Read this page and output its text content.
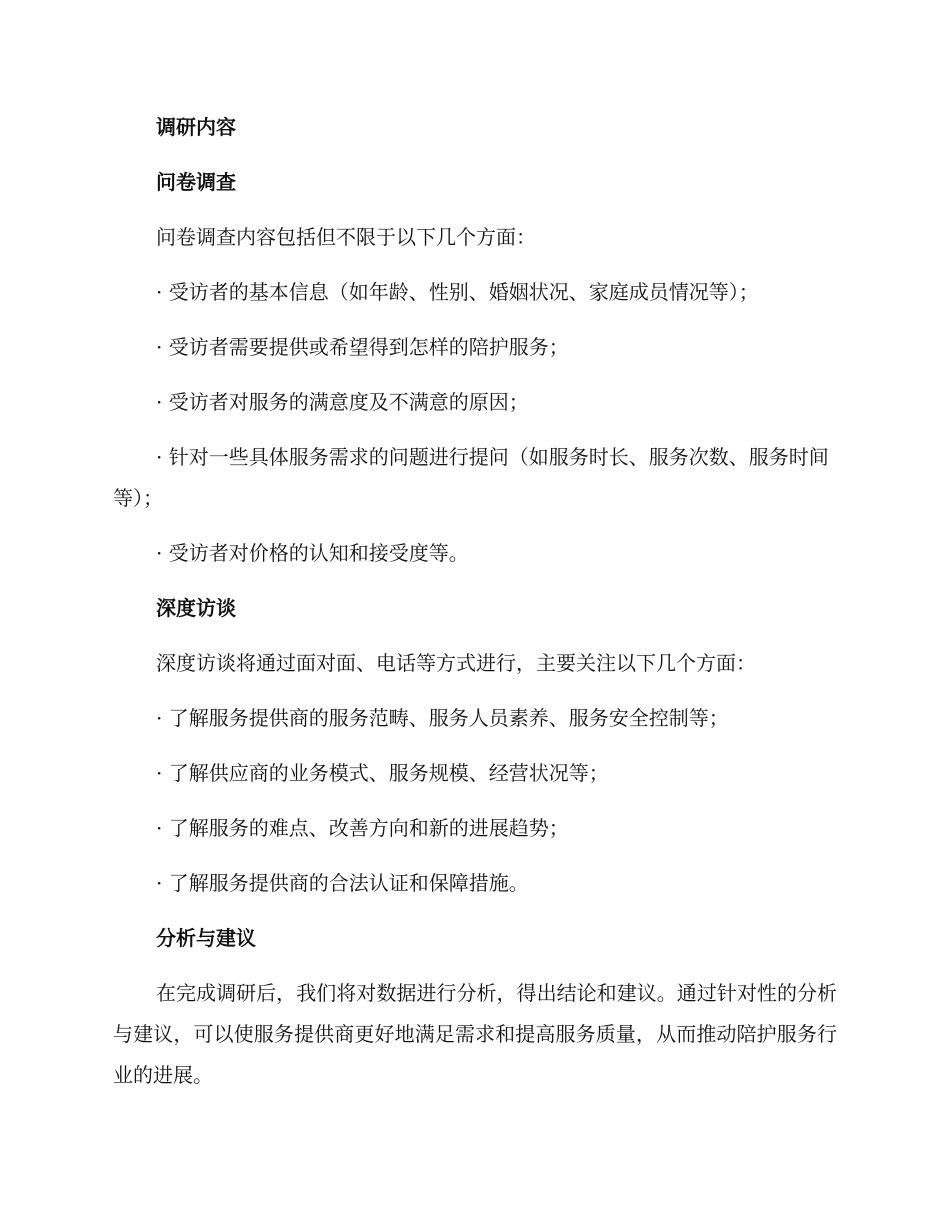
调研内容
问卷调查
问卷调查内容包括但不限于以下几个方面：
· 受访者的基本信息（如年龄、性别、婚姻状况、家庭成员情况等）；
· 受访者需要提供或希望得到怎样的陪护服务；
· 受访者对服务的满意度及不满意的原因；
· 针对一些具体服务需求的问题进行提问（如服务时长、服务次数、服务时间等）；
· 受访者对价格的认知和接受度等。
深度访谈
深度访谈将通过面对面、电话等方式进行，主要关注以下几个方面：
· 了解服务提供商的服务范畴、服务人员素养、服务安全控制等；
· 了解供应商的业务模式、服务规模、经营状况等；
· 了解服务的难点、改善方向和新的进展趋势；
· 了解服务提供商的合法认证和保障措施。
分析与建议
在完成调研后，我们将对数据进行分析，得出结论和建议。通过针对性的分析与建议，可以使服务提供商更好地满足需求和提高服务质量，从而推动陪护服务行业的进展。
